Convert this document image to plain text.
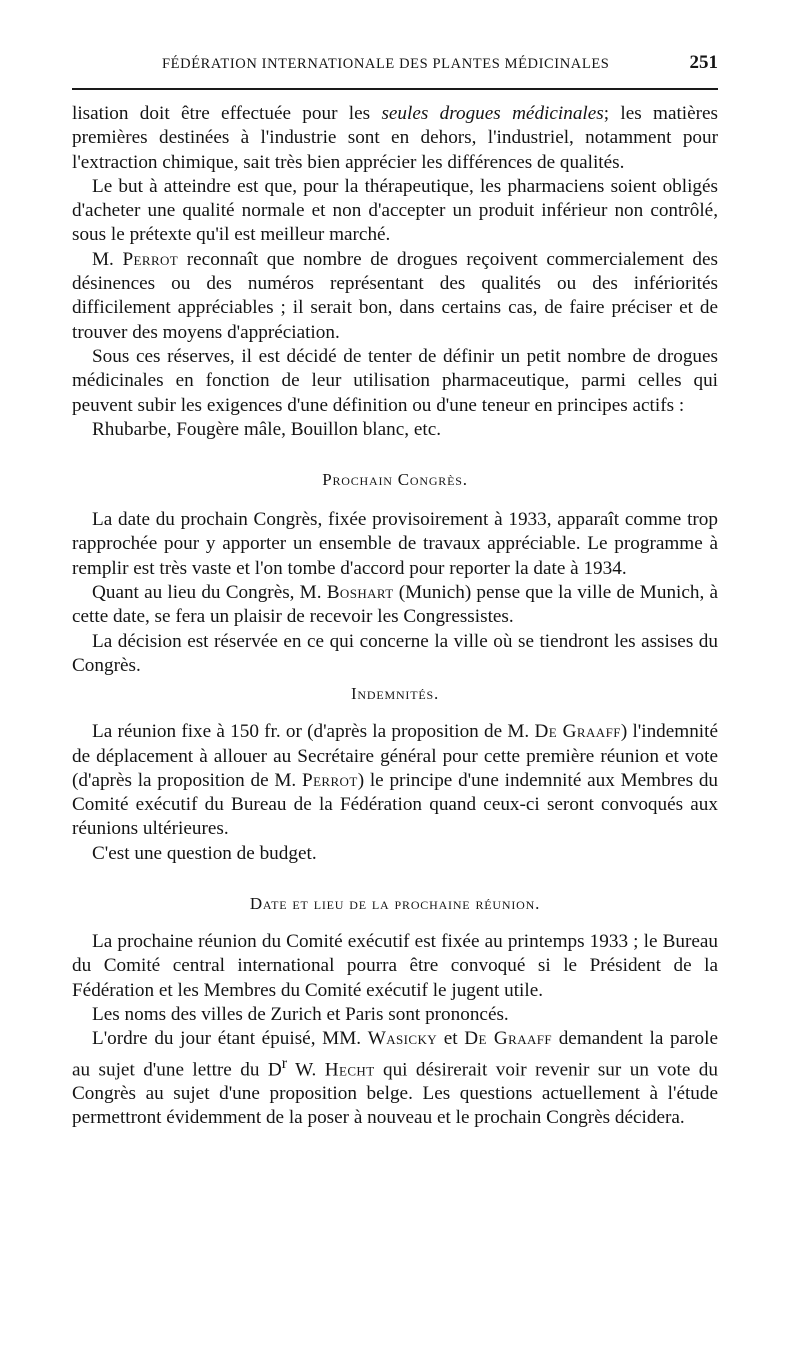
FÉDÉRATION INTERNATIONALE DES PLANTES MÉDICINALES	251

lisation doit être effectuée pour les seules drogues médicinales; les matières premières destinées à l'industrie sont en dehors, l'industriel, notamment pour l'extraction chimique, sait très bien apprécier les différences de qualités.

Le but à atteindre est que, pour la thérapeutique, les pharmaciens soient obligés d'acheter une qualité normale et non d'accepter un produit inférieur non contrôlé, sous le prétexte qu'il est meilleur marché.

M. Perrot reconnaît que nombre de drogues reçoivent commercialement des désinences ou des numéros représentant des qualités ou des infériorités difficilement appréciables ; il serait bon, dans certains cas, de faire préciser et de trouver des moyens d'appréciation.

Sous ces réserves, il est décidé de tenter de définir un petit nombre de drogues médicinales en fonction de leur utilisation pharmaceutique, parmi celles qui peuvent subir les exigences d'une définition ou d'une teneur en principes actifs :

Rhubarbe, Fougère mâle, Bouillon blanc, etc.

Prochain Congrès.

La date du prochain Congrès, fixée provisoirement à 1933, apparaît comme trop rapprochée pour y apporter un ensemble de travaux appréciable. Le programme à remplir est très vaste et l'on tombe d'accord pour reporter la date à 1934.

Quant au lieu du Congrès, M. Boshart (Munich) pense que la ville de Munich, à cette date, se fera un plaisir de recevoir les Congressistes.

La décision est réservée en ce qui concerne la ville où se tiendront les assises du Congrès.

Indemnités.

La réunion fixe à 150 fr. or (d'après la proposition de M. De Graaff) l'indemnité de déplacement à allouer au Secrétaire général pour cette première réunion et vote (d'après la proposition de M. Perrot) le principe d'une indemnité aux Membres du Comité exécutif du Bureau de la Fédération quand ceux-ci seront convoqués aux réunions ultérieures.

C'est une question de budget.

Date et lieu de la prochaine réunion.

La prochaine réunion du Comité exécutif est fixée au printemps 1933 ; le Bureau du Comité central international pourra être convoqué si le Président de la Fédération et les Membres du Comité exécutif le jugent utile.

Les noms des villes de Zurich et Paris sont prononcés.

L'ordre du jour étant épuisé, MM. Wasicky et De Graaff demandent la parole au sujet d'une lettre du $D^r$ W. Hecht qui désirerait voir revenir sur un vote du Congrès au sujet d'une proposition belge. Les questions actuellement à l'étude permettront évidemment de la poser à nouveau et le prochain Congrès décidera.
